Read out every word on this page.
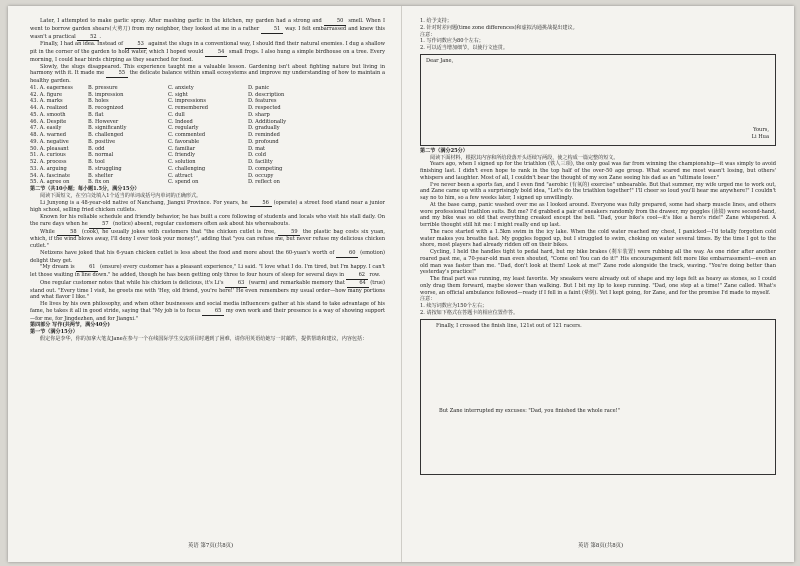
Later, I attempted to make garlic spray. After mashing garlic in the kitchen, my garden had a strong and	50 smell. When I went to borrow garden shears(大剪刀) from my neighbor, they looked at me in a rather	51 way. I felt embarrassed and knew this wasn't a practical	52 .

Finally, I had an idea. Instead of	53 against the slugs in a conventional way, I should find their natural enemies. I dug a shallow pit in the corner of the garden to hold water, which I hoped would	54 small frogs. I also hung a simple birdhouse on a tree. Every morning, I could hear birds chirping as they searched for food.

Slowly, the slugs disappeared. This experience taught me a valuable lesson. Gardening isn't about fighting nature but living in harmony with it. It made me	55 the delicate balance within small ecosystems and improve my understanding of how to maintain a healthy garden.

41. A. eagerness	B. pressure	C. anxiety	D. panic
42. A. figure	B. impression	C. sight	D. description
43. A. marks	B. holes	C. impressions	D. features
44. A. realized	B. recognized	C. remembered	D. respected
45. A. smooth	B. flat	C. dull	D. sharp
46. A. Despite	B. However	C. Indeed	D. Additionally
47. A. easily	B. significantly	C. regularly	D. gradually
48. A. warned	B. challenged	C. commented	D. reminded
49. A. negative	B. positive	C. favorable	D. profound
50. A. pleasant	B. odd	C. familiar	D. mat
51. A. curious	B. normal	C. friendly	D. cold
52. A. process	B. tool	C. solution	D. facility
53. A. arguing	B. struggling	C. challenging	D. competing
54. A. fascinate	B. shelter	C. attract	D. occupy
55. A. agree on	B. fix on	C. spend on	D. reflect on

第二节（共10小题；每小题1.5分，满分15分）

阅读下面短文，在空白处填入1个适当的单词或括号内单词的正确形式。

Li Junyong is a 48-year-old native of Nanchang, Jiangxi Province. For years, he	56 (operate) a street food stand near a junior high school, selling fried chicken cutlets.

Known for his reliable schedule and friendly behavior, he has built a core following of students and locals who visit his stall daily. On the rare days when he	57 (notice) absent, regular customers often ask about his whereabouts.

While	58 (cook), he usually jokes with customers that "the chicken cutlet is free,	59 the plastic bag costs six yuan, which, if the wind blows away, I'll deny I ever took your money!", adding that "you can refuse me, but never refuse my delicious chicken cutlet."

Netizens have joked that his 6-yuan chicken cutlet is less about the food and more about the 60-yuan's worth of	60 (emotion) delight they get.

"My dream is	61 (ensure) every customer has a pleasant experience," Li said. "I love what I do. I'm tired, but I'm happy. I can't let those waiting in line down." he added, though he has been getting only three to four hours of sleep for several days in	62 row.

One regular customer notes that while his chicken is delicious, it's Li's	63 (warm) and remarkable memory that	64 (true) stand out. "Every time I visit, he greets me with 'Hey, old friend, you're here!' He even remembers my usual order—how many portions and what flavor I like."

He lives by his own philosophy, and when other businesses and social media influencers gather at his stand to take advantage of his fame, he takes it all in good stride, saying that "My job is to focus	65 my own work and their presence is a way of showing support—for me, for Jingdezhen, and for Jiangxi."

第四部分 写作(共两节，满分40分)

第一节（满分15分）

假定你是李华，你的加拿大笔友Jane在参与一个在线国际学生交流项目时遇到了困难，请你用英语给她写一封邮件，提供帮助和建议，内容包括：

1. 给予支持；

2. 针对时差问题(time zone differences)和虚拟沟通挑战提出建议。

注意：

1. 写作词数应为80个左右；

2. 可以适当增加细节，以使行文连贯。

Dear Jane,

Yours,
Li Hua

第二节（满分25分）

阅读下面材料，根据其内容和所给段落开头语续写两段，使之构成一篇完整的短文。

Years ago, when I signed up for the triathlon (铁人三项), the only goal was far from winning the championship—it was simply to avoid finishing last. I didn't even hope to rank in the top half of the over-50 age group. What scared me most wasn't losing, but others' whispers and laughter. Most of all, I couldn't bear the thought of my son Zane seeing his dad as an "ultimate loser."

I've never been a sports fan, and I even find "aerobic (有氧的) exercise" unbearable. But that summer, my wife urged me to work out, and Zane came up with a surprisingly bold idea, "Let's do the triathlon together!" I'll cheer so loud you'll hear me anywhere!" I couldn't say no to him, so a few weeks later, I signed up unwillingly.

At the base camp, panic washed over me as I looked around. Everyone was fully prepared, some had sharp muscle lines, and others wore professional triathlon suits. But me? I'd grabbed a pair of sneakers randomly from the drawer, my goggles (泳镜) were second-hand, and my bike was so old that everything creaked except the bell. "Dad, your bike's cool—it's like a hero's ride!" Zane whispered. A terrible thought still hit me: I might really end up last.

The race started with a 1.5km swim in the icy lake. When the cold water reached my chest, I panicked—I'd totally forgotten cold water makes you breathe fast. My goggles fogged up, but I struggled to swim, choking on water several times. By the time I got to the shore, most players had already ridden off on their bikes.

Cycling, I held the handles tight to pedal hard, but my bike brakes (刹车装置) were rubbing all the way. As one rider after another roared past me, a 70-year-old man even shouted, "Come on! You can do it!" His encouragement felt more like embarrassment—even an old man was faster than me. "Dad, don't look at them! Look at me!" Zane rode alongside the track, waving. "You're doing better than yesterday's practice!"

The final part was running, my least favorite. My sneakers were already out of shape and my legs felt as heavy as stones, so I could only drag them forward, maybe slower than walking. But I bit my lip to keep running. "Dad, one step at a time!" Zane called. What's worse, an official ambulance followed—ready if I fell in a faint (晕倒). Yet I kept going, for Zane, and for the promise I'd made to myself.

注意：

1. 续写词数应为150个左右；

2. 请按如下格式在答题卡的相应位置作答。

Finally, I crossed the finish line, 121st out of 121 racers.

But Zane interrupted my excuses: "Dad, you finished the whole race!"

英语 第7页(共8页)	英语 第8页(共8页)
